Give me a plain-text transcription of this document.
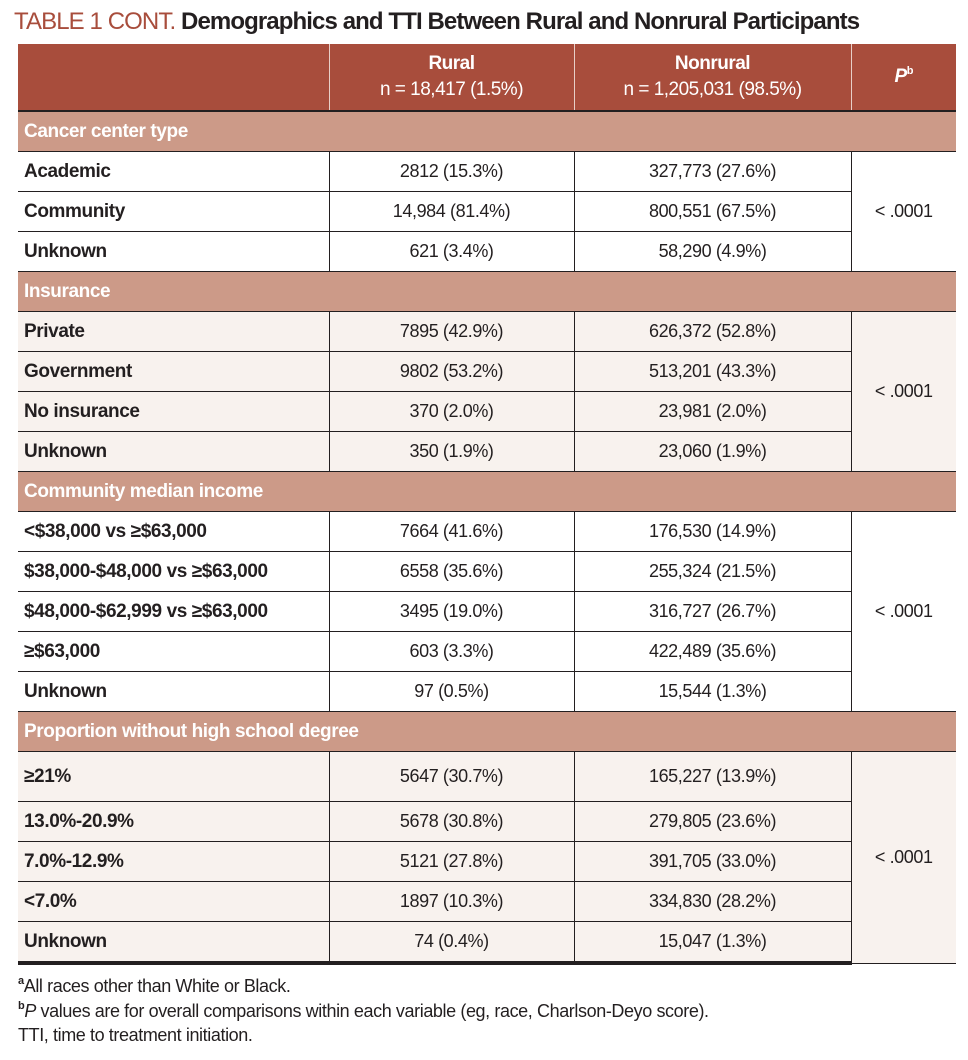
TABLE 1 CONT. Demographics and TTI Between Rural and Nonrural Participants

	Rural
n = 18,417 (1.5%)	Nonrural
n = 1,205,031 (98.5%)	$P^b$
Cancer center type			
Academic	2812 (15.3%)	327,773 (27.6%)	< .0001
Community	14,984 (81.4%)	800,551 (67.5%)	
Unknown	621 (3.4%)	58,290 (4.9%)	
Insurance			
Private	7895 (42.9%)	626,372 (52.8%)	< .0001
Government	9802 (53.2%)	513,201 (43.3%)	
No insurance	370 (2.0%)	23,981 (2.0%)	
Unknown	350 (1.9%)	23,060 (1.9%)	
Community median income			
<$38,000 vs ≥$63,000	7664 (41.6%)	176,530 (14.9%)	< .0001
$38,000-$48,000 vs ≥$63,000	6558 (35.6%)	255,324 (21.5%)	
$48,000-$62,999 vs ≥$63,000	3495 (19.0%)	316,727 (26.7%)	
≥$63,000	603 (3.3%)	422,489 (35.6%)	
Unknown	97 (0.5%)	15,544 (1.3%)	
Proportion without high school degree			
≥21%	5647 (30.7%)	165,227 (13.9%)	< .0001
13.0%-20.9%	5678 (30.8%)	279,805 (23.6%)	
7.0%-12.9%	5121 (27.8%)	391,705 (33.0%)	
<7.0%	1897 (10.3%)	334,830 (28.2%)	
Unknown	74 (0.4%)	15,047 (1.3%)	
$^a$All races other than White or Black.
$^b$P values are for overall comparisons within each variable (eg, race, Charlson-Deyo score).
TTI, time to treatment initiation.
